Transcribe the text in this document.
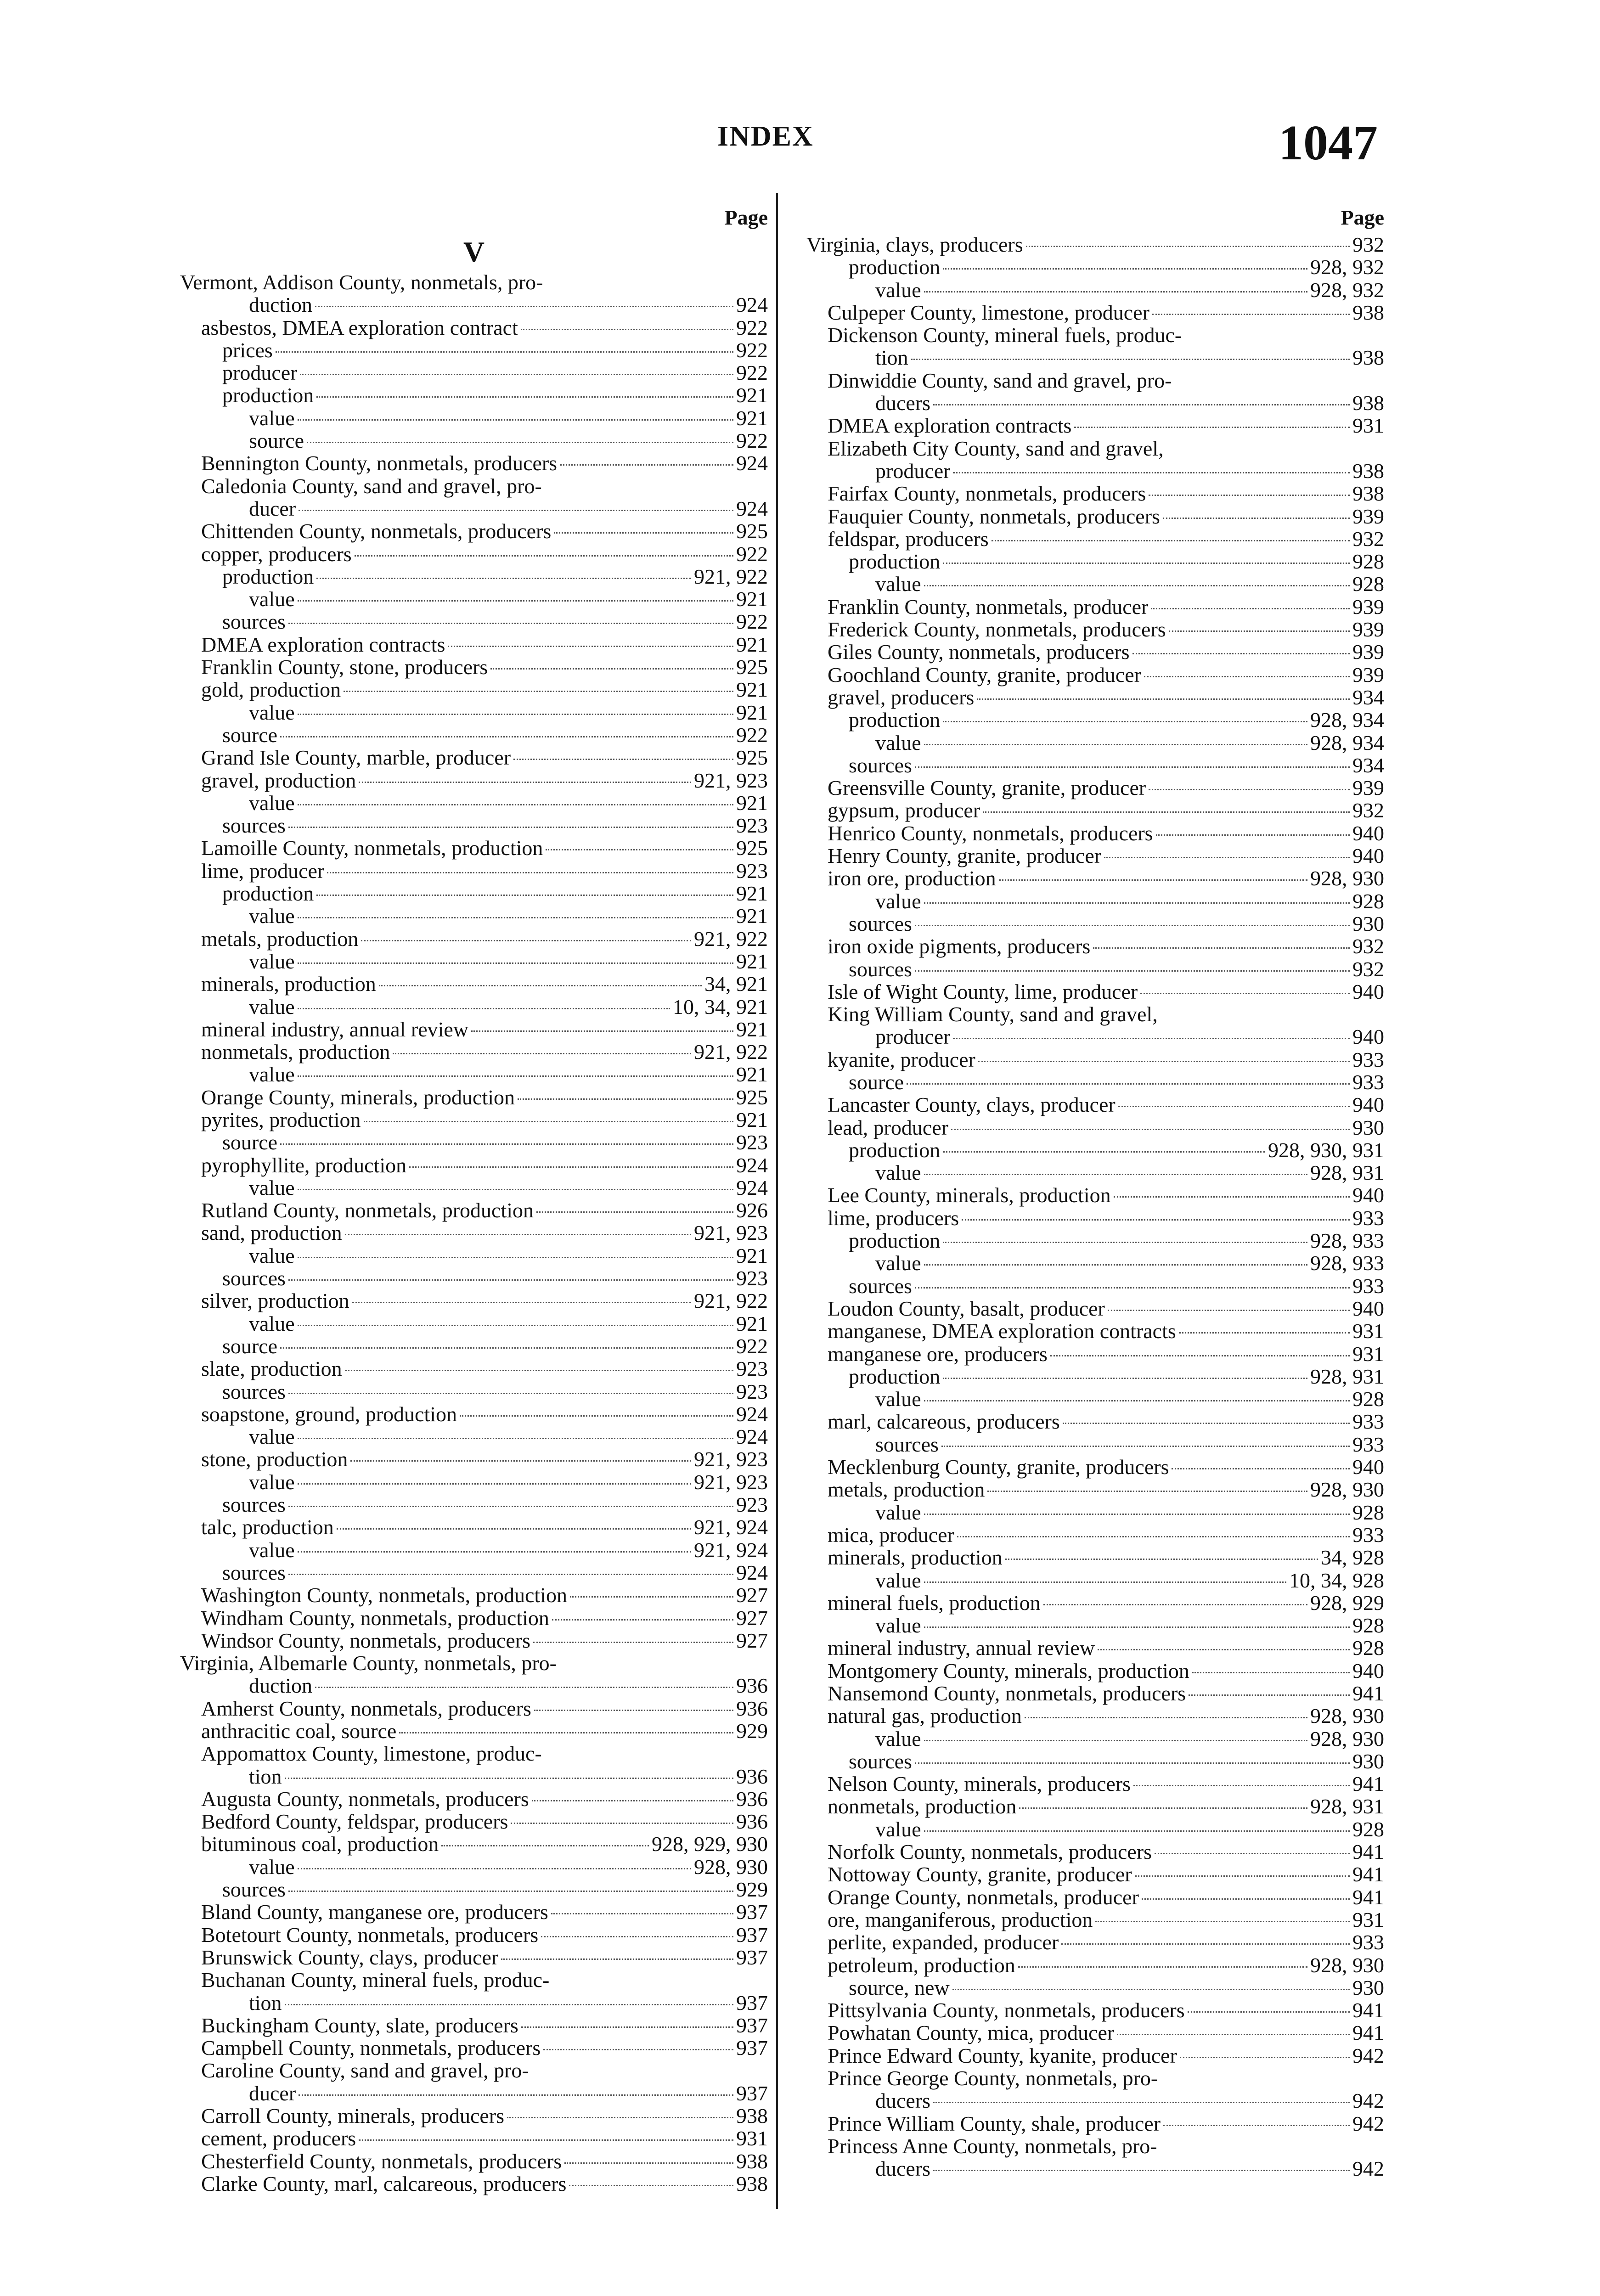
INDEX	1047
Page
V
Vermont, Addison County, nonmetals, pro-
duction	924
asbestos, DMEA exploration contract	922
prices	922
producer	922
production	921
value	921
source	922
Bennington County, nonmetals, producers	924
Caledonia County, sand and gravel, pro-
ducer	924
Chittenden County, nonmetals, producers	925
copper, producers	922
production	921, 922
value	921
sources	922
DMEA exploration contracts	921
Franklin County, stone, producers	925
gold, production	921
value	921
source	922
Grand Isle County, marble, producer	925
gravel, production	921, 923
value	921
sources	923
Lamoille County, nonmetals, production	925
lime, producer	923
production	921
value	921
metals, production	921, 922
value	921
minerals, production	34, 921
value	10, 34, 921
mineral industry, annual review	921
nonmetals, production	921, 922
value	921
Orange County, minerals, production	925
pyrites, production	921
source	923
pyrophyllite, production	924
value	924
Rutland County, nonmetals, production	926
sand, production	921, 923
value	921
sources	923
silver, production	921, 922
value	921
source	922
slate, production	923
sources	923
soapstone, ground, production	924
value	924
stone, production	921, 923
value	921, 923
sources	923
talc, production	921, 924
value	921, 924
sources	924
Washington County, nonmetals, production	927
Windham County, nonmetals, production	927
Windsor County, nonmetals, producers	927
Virginia, Albemarle County, nonmetals, pro-
duction	936
Amherst County, nonmetals, producers	936
anthracitic coal, source	929
Appomattox County, limestone, produc-
tion	936
Augusta County, nonmetals, producers	936
Bedford County, feldspar, producers	936
bituminous coal, production	928, 929, 930
value	928, 930
sources	929
Bland County, manganese ore, producers	937
Botetourt County, nonmetals, producers	937
Brunswick County, clays, producer	937
Buchanan County, mineral fuels, produc-
tion	937
Buckingham County, slate, producers	937
Campbell County, nonmetals, producers	937
Caroline County, sand and gravel, pro-
ducer	937
Carroll County, minerals, producers	938
cement, producers	931
Chesterfield County, nonmetals, producers	938
Clarke County, marl, calcareous, producers	938
Page
Virginia, clays, producers	932
production	928, 932
value	928, 932
Culpeper County, limestone, producer	938
Dickenson County, mineral fuels, produc-
tion	938
Dinwiddie County, sand and gravel, pro-
ducers	938
DMEA exploration contracts	931
Elizabeth City County, sand and gravel,
producer	938
Fairfax County, nonmetals, producers	938
Fauquier County, nonmetals, producers	939
feldspar, producers	932
production	928
value	928
Franklin County, nonmetals, producer	939
Frederick County, nonmetals, producers	939
Giles County, nonmetals, producers	939
Goochland County, granite, producer	939
gravel, producers	934
production	928, 934
value	928, 934
sources	934
Greensville County, granite, producer	939
gypsum, producer	932
Henrico County, nonmetals, producers	940
Henry County, granite, producer	940
iron ore, production	928, 930
value	928
sources	930
iron oxide pigments, producers	932
sources	932
Isle of Wight County, lime, producer	940
King William County, sand and gravel,
producer	940
kyanite, producer	933
source	933
Lancaster County, clays, producer	940
lead, producer	930
production	928, 930, 931
value	928, 931
Lee County, minerals, production	940
lime, producers	933
production	928, 933
value	928, 933
sources	933
Loudon County, basalt, producer	940
manganese, DMEA exploration contracts	931
manganese ore, producers	931
production	928, 931
value	928
marl, calcareous, producers	933
sources	933
Mecklenburg County, granite, producers	940
metals, production	928, 930
value	928
mica, producer	933
minerals, production	34, 928
value	10, 34, 928
mineral fuels, production	928, 929
value	928
mineral industry, annual review	928
Montgomery County, minerals, production	940
Nansemond County, nonmetals, producers	941
natural gas, production	928, 930
value	928, 930
sources	930
Nelson County, minerals, producers	941
nonmetals, production	928, 931
value	928
Norfolk County, nonmetals, producers	941
Nottoway County, granite, producer	941
Orange County, nonmetals, producer	941
ore, manganiferous, production	931
perlite, expanded, producer	933
petroleum, production	928, 930
source, new	930
Pittsylvania County, nonmetals, producers	941
Powhatan County, mica, producer	941
Prince Edward County, kyanite, producer	942
Prince George County, nonmetals, pro-
ducers	942
Prince William County, shale, producer	942
Princess Anne County, nonmetals, pro-
ducers	942
